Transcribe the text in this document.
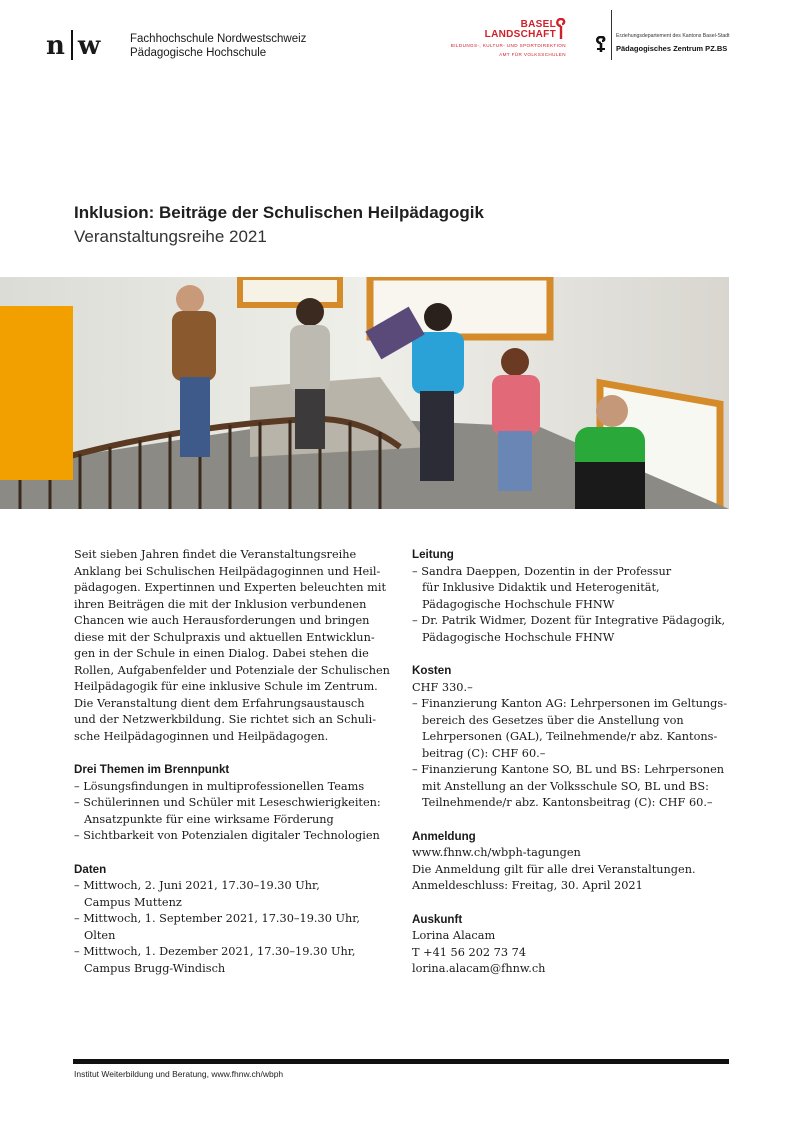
n w Fachhochschule Nordwestschweiz
Pädagogische Hochschule
BASEL
LANDSCHAFT
BILDUNGS-, KULTUR- UND SPORTDIREKTION
AMT FÜR VOLKSSCHULEN
Erziehungsdepartement des Kantons Basel-Stadt
Pädagogisches Zentrum PZ.BS
Inklusion: Beiträge der Schulischen Heilpädagogik
Veranstaltungsreihe 2021

Seit sieben Jahren findet die Veranstaltungsreihe

Anklang bei Schulischen Heilpädagoginnen und Heil-

pädagogen. Expertinnen und Experten beleuchten mit

ihren Beiträgen die mit der Inklusion verbundenen

Chancen wie auch Herausforderungen und bringen

diese mit der Schulpraxis und aktuellen Entwicklun-

gen in der Schule in einen Dialog. Dabei stehen die

Rollen, Aufgabenfelder und Potenziale der Schulischen

Heilpädagogik für eine inklusive Schule im Zentrum.

Die Veranstaltung dient dem Erfahrungsaustausch

und der Netzwerkbildung. Sie richtet sich an Schuli-

sche Heilpädagoginnen und Heilpädagogen.

Drei Themen im Brennpunkt

– Lösungsfindungen in multiprofessionellen Teams

– Schülerinnen und Schüler mit Leseschwierigkeiten:
Ansatzpunkte für eine wirksame Förderung

– Sichtbarkeit von Potenzialen digitaler Technologien

Daten

– Mittwoch, 2. Juni 2021, 17.30–19.30 Uhr,
Campus Muttenz

– Mittwoch, 1. September 2021, 17.30–19.30 Uhr,
Olten

– Mittwoch, 1. Dezember 2021, 17.30–19.30 Uhr,
Campus Brugg-Windisch

Leitung

– Sandra Daeppen, Dozentin in der Professur
für Inklusive Didaktik und Heterogenität,
Pädagogische Hochschule FHNW

– Dr. Patrik Widmer, Dozent für Integrative Pädagogik,
Pädagogische Hochschule FHNW

Kosten

CHF 330.–

– Finanzierung Kanton AG: Lehrpersonen im Geltungs-
bereich des Gesetzes über die Anstellung von
Lehrpersonen (GAL), Teilnehmende/r abz. Kantons-
beitrag (C): CHF 60.–

– Finanzierung Kantone SO, BL und BS: Lehrpersonen
mit Anstellung an der Volksschule SO, BL und BS:
Teilnehmende/r abz. Kantonsbeitrag (C): CHF 60.–

Anmeldung

www.fhnw.ch/wbph-tagungen

Die Anmeldung gilt für alle drei Veranstaltungen.

Anmeldeschluss: Freitag, 30. April 2021

Auskunft

Lorina Alacam

T +41 56 202 73 74

lorina.alacam@fhnw.ch

Institut Weiterbildung und Beratung, www.fhnw.ch/wbph
